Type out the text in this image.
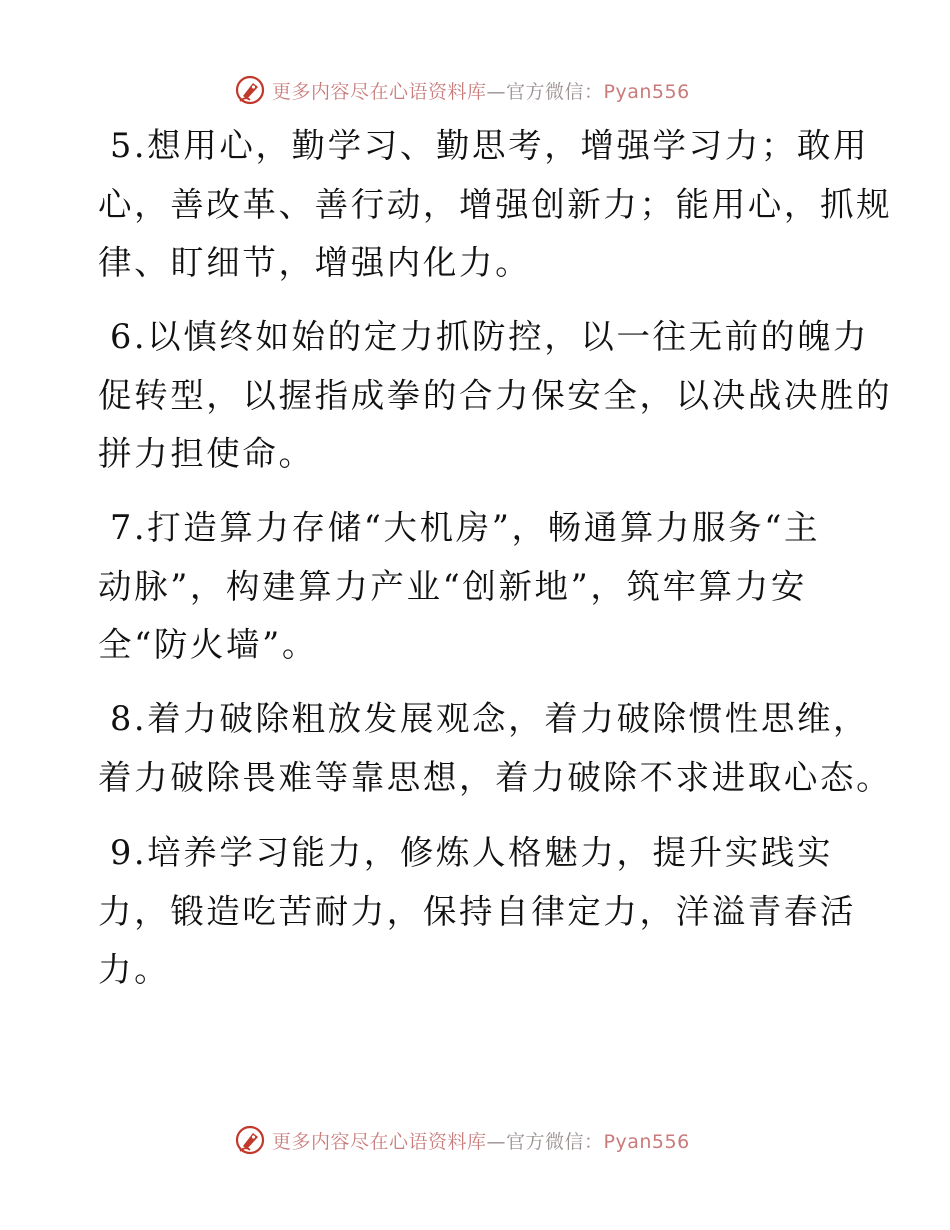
更多内容尽在心语资料库—官方微信：Pyan556

5.想用心，勤学习、勤思考，增强学习力；敢用

心，善改革、善行动，增强创新力；能用心，抓规

律、盯细节，增强内化力。

6.以慎终如始的定力抓防控，以一往无前的魄力

促转型，以握指成拳的合力保安全，以决战决胜的

拼力担使命。

7.打造算力存储“大机房”，畅通算力服务“主

动脉”，构建算力产业“创新地”，筑牢算力安

全“防火墙”。

8.着力破除粗放发展观念，着力破除惯性思维，

着力破除畏难等靠思想，着力破除不求进取心态。

9.培养学习能力，修炼人格魅力，提升实践实

力，锻造吃苦耐力，保持自律定力，洋溢青春活

力。

更多内容尽在心语资料库—官方微信：Pyan556
